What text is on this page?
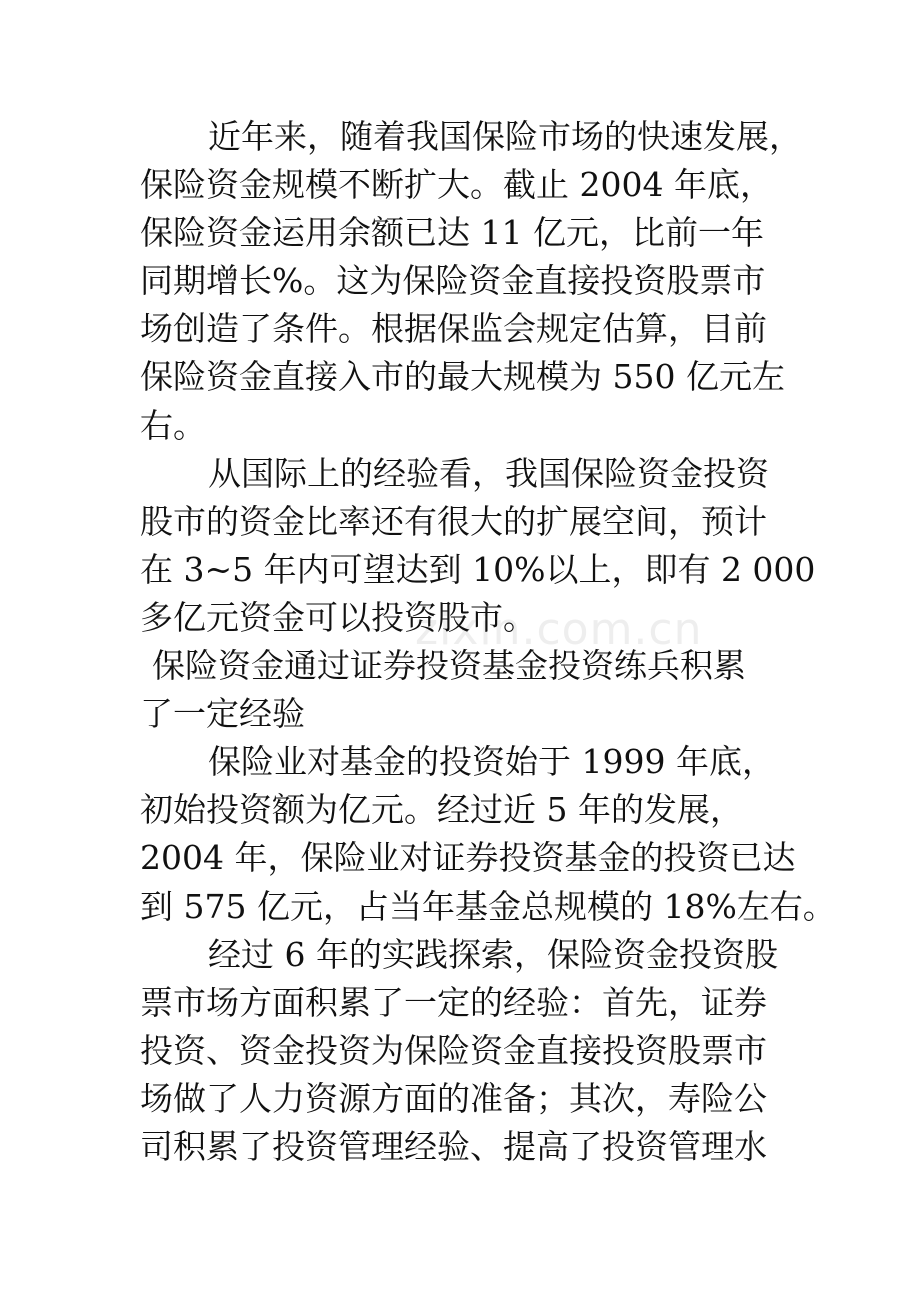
zixin.com.cn
近年来，随着我国保险市场的快速发展，
保险资金规模不断扩大。截止 2004 年底，
保险资金运用余额已达 11 亿元，比前一年
同期增长%。这为保险资金直接投资股票市
场创造了条件。根据保监会规定估算，目前
保险资金直接入市的最大规模为 550 亿元左
右。
从国际上的经验看，我国保险资金投资
股市的资金比率还有很大的扩展空间，预计
在 3~5 年内可望达到 10%以上，即有 2 000
多亿元资金可以投资股市。
保险资金通过证券投资基金投资练兵积累
了一定经验
保险业对基金的投资始于 1999 年底，
初始投资额为亿元。经过近 5 年的发展，
2004 年，保险业对证券投资基金的投资已达
到 575 亿元，占当年基金总规模的 18%左右。
经过 6 年的实践探索，保险资金投资股
票市场方面积累了一定的经验：首先，证券
投资、资金投资为保险资金直接投资股票市
场做了人力资源方面的准备；其次，寿险公
司积累了投资管理经验、提高了投资管理水
